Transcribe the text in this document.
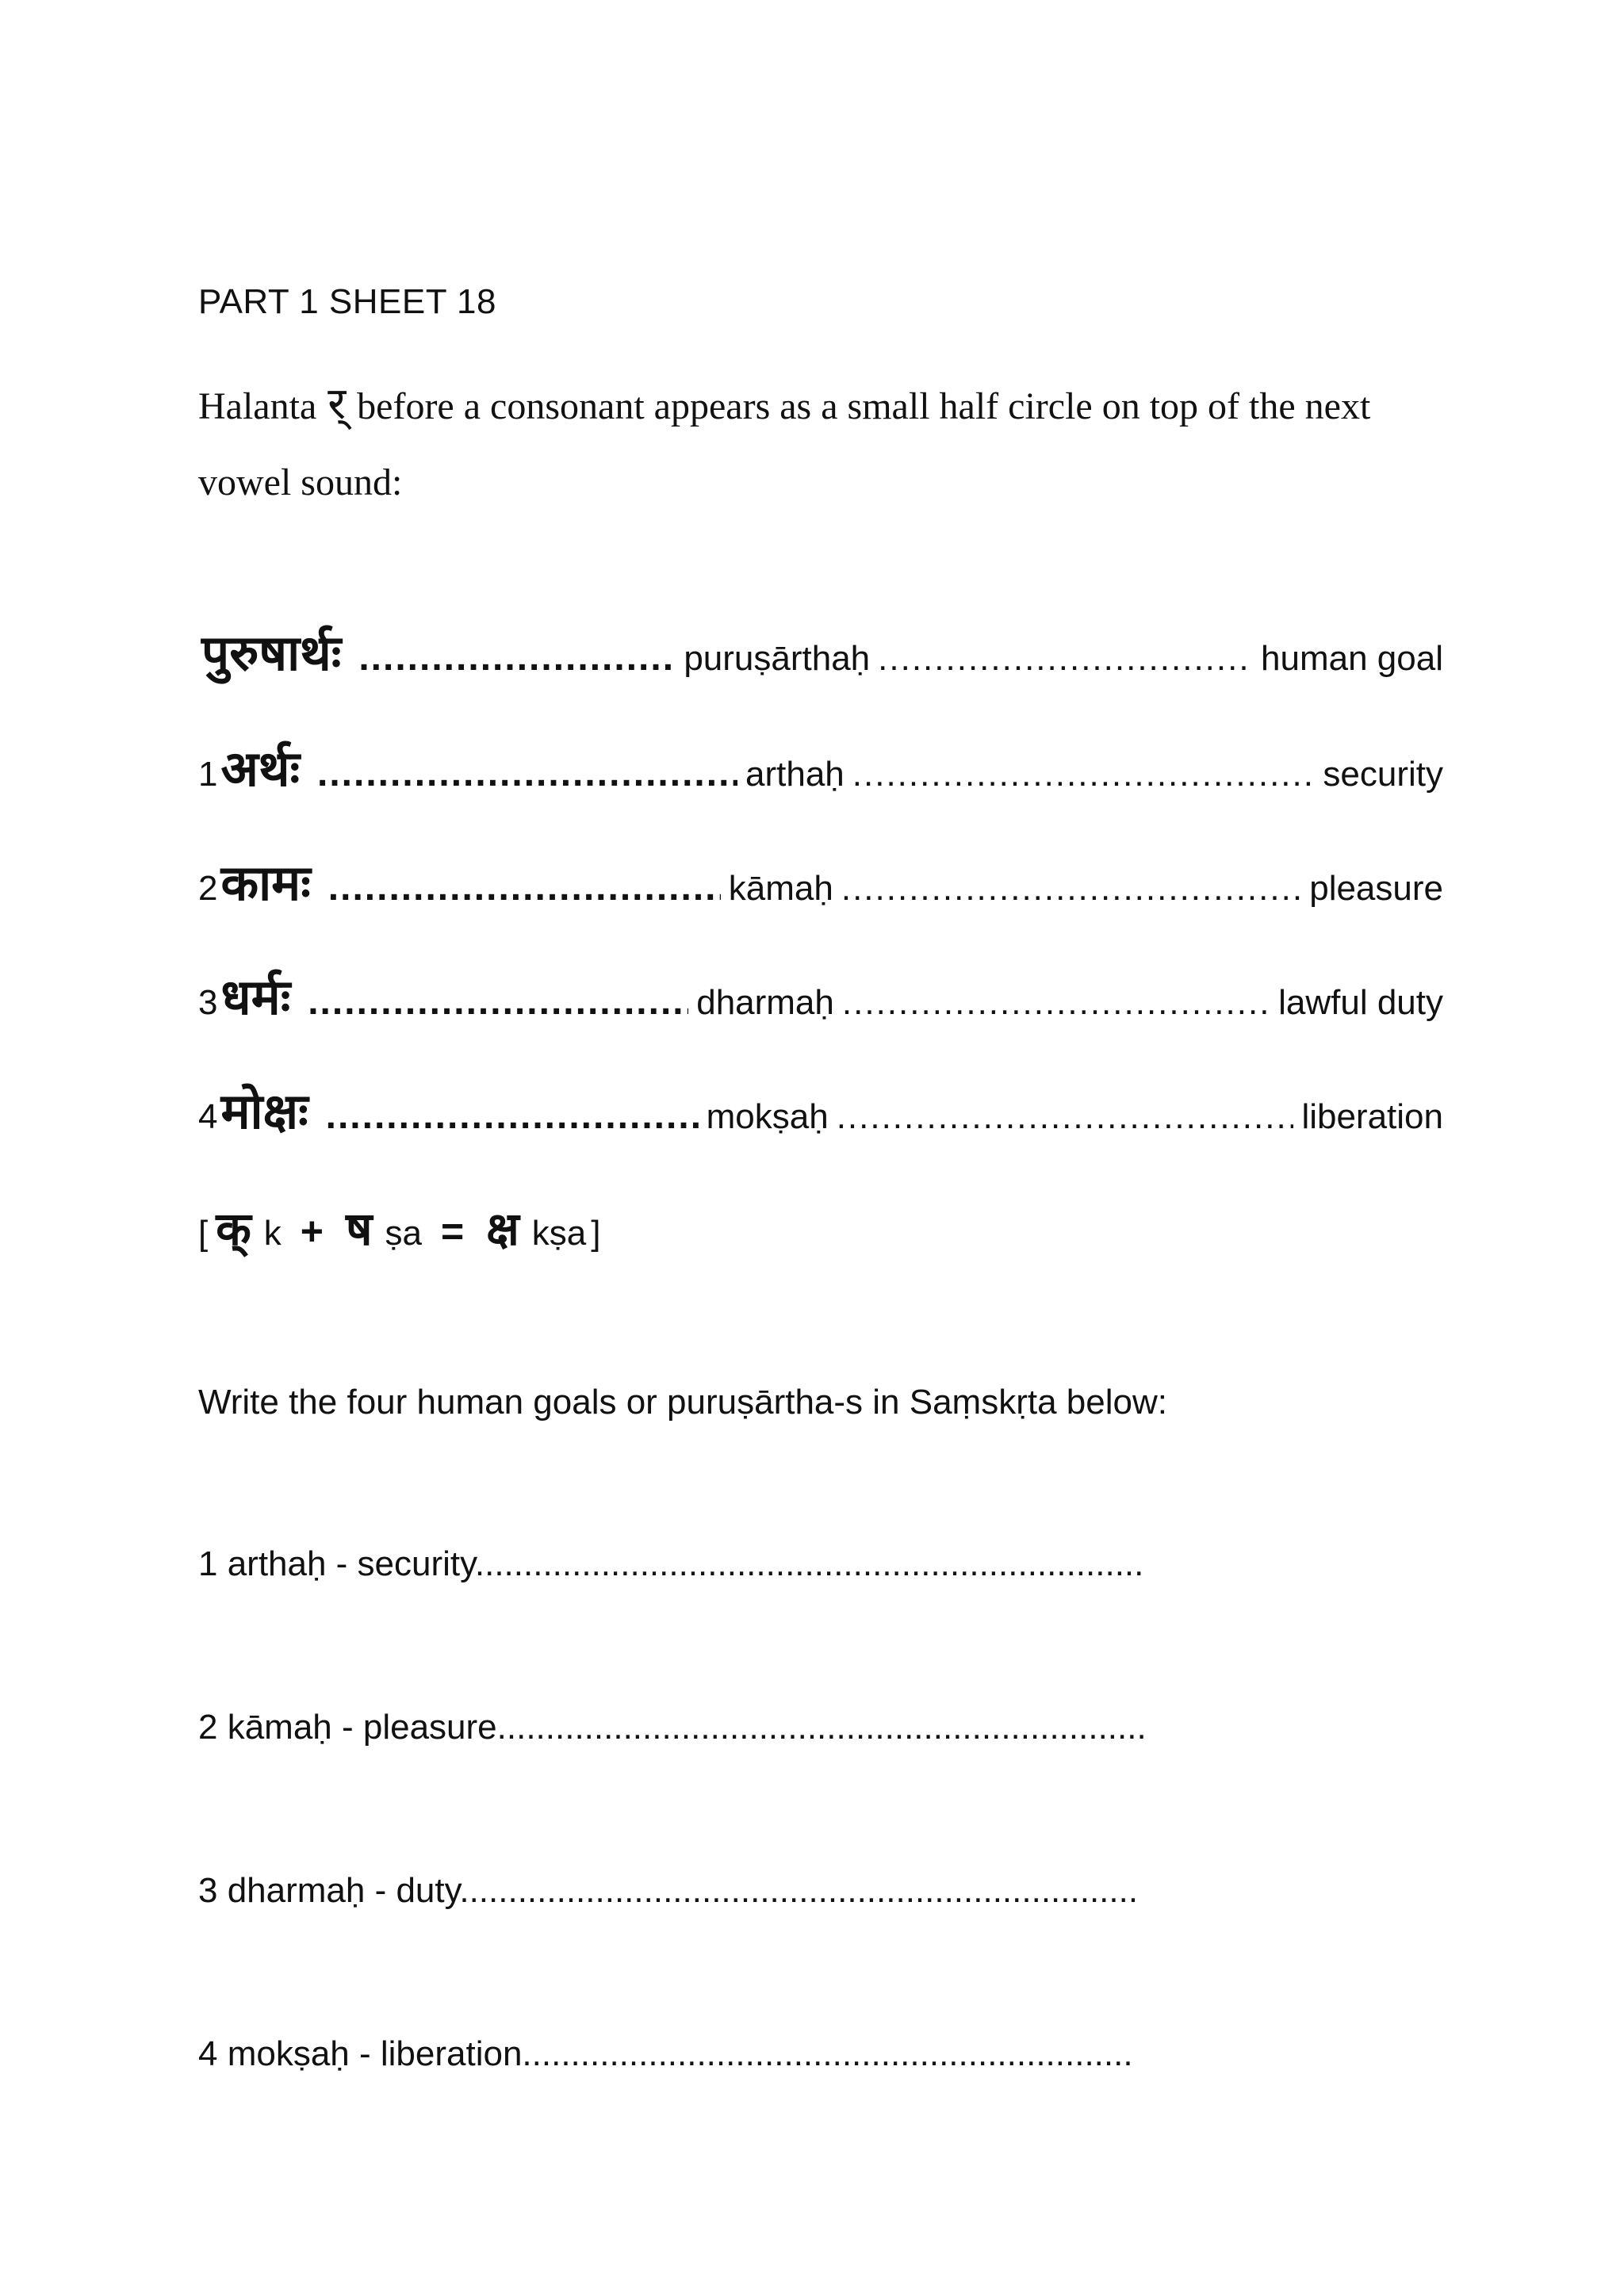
PART 1 SHEET 18
Halanta र् before a consonant appears as a small half circle on top of the next vowel sound:
पुरुषार्थः .....	puruṣārthaḥ .....	human goal
1 अर्थः .....	arthaḥ .....	security
2 कामः .....	kāmaḥ .....	pleasure
3 धर्मः .....	dharmaḥ .....	lawful duty
4 मोक्षः .....	mokṣaḥ .....	liberation
[ क् k + ष ṣa = क्ष kṣa ]
Write the four human goals or puruṣārtha-s in Saṃskṛta below:
1 arthaḥ - security.....................................................................
2 kāmaḥ - pleasure...................................................................
3 dharmaḥ - duty......................................................................
4 mokṣaḥ - liberation...............................................................
